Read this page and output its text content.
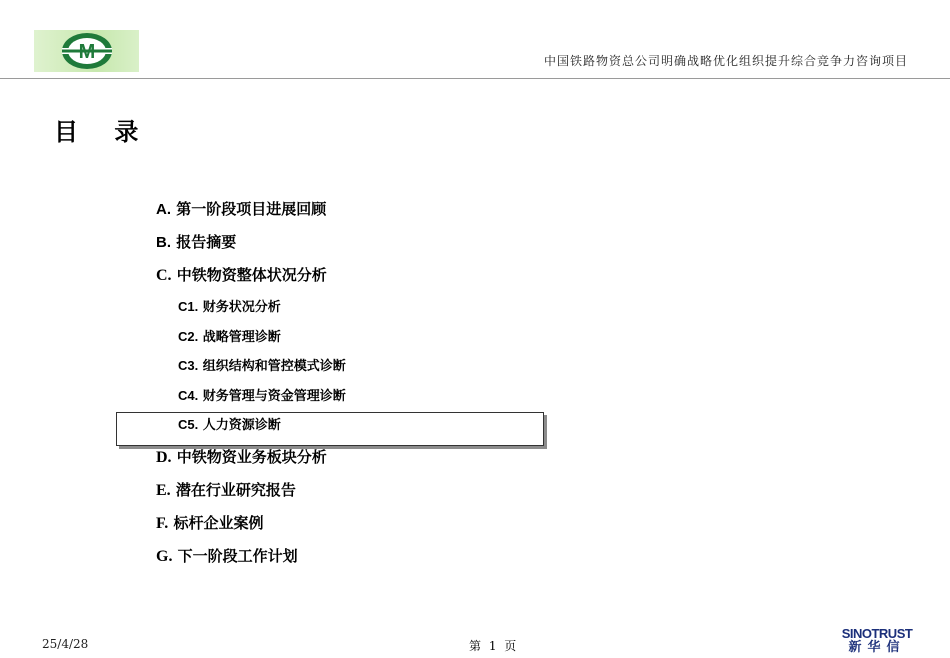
M	中国铁路物资总公司明确战略优化组织提升综合竞争力咨询项目
目 录
A. 第一阶段项目进展回顾
B. 报告摘要
C. 中铁物资整体状况分析
C1. 财务状况分析
C2. 战略管理诊断
C3. 组织结构和管控模式诊断
C4. 财务管理与资金管理诊断
C5. 人力资源诊断
D. 中铁物资业务板块分析
E. 潜在行业研究报告
F. 标杆企业案例
G. 下一阶段工作计划
25/4/28	第 1 页
SINOTRUST
新华信
